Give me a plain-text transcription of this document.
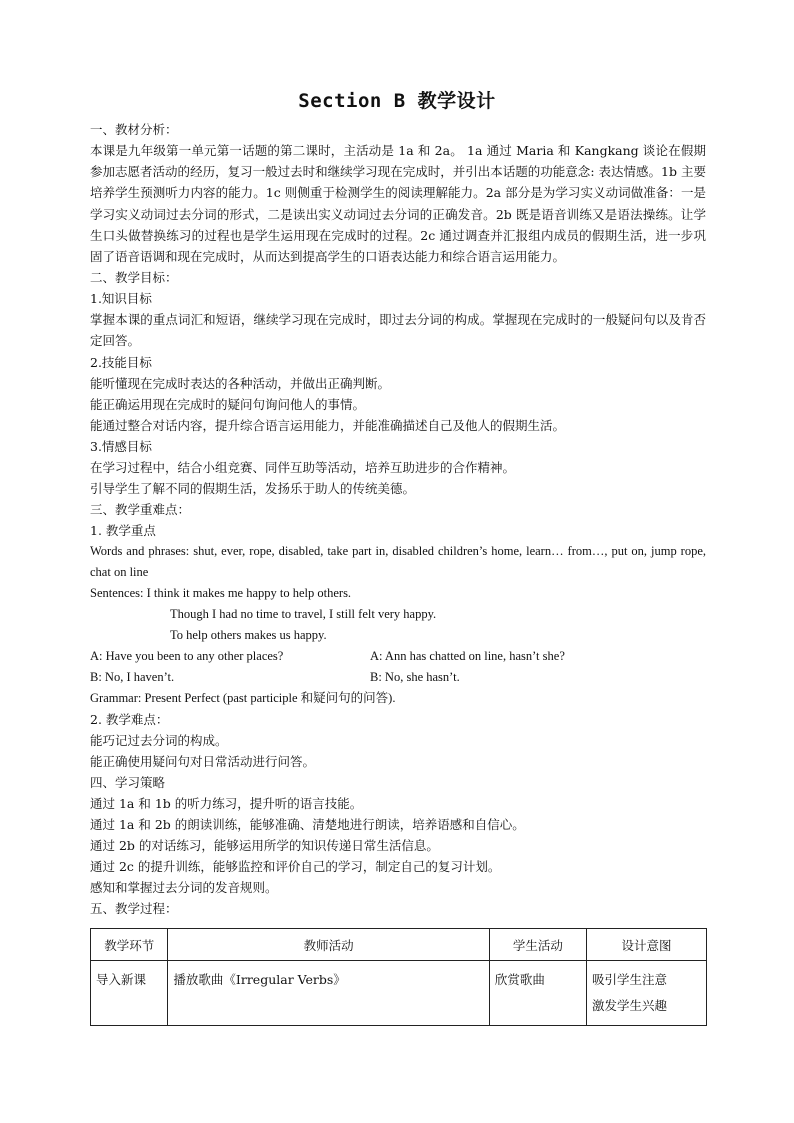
Section B 教学设计
一、教材分析：
本课是九年级第一单元第一话题的第二课时，主活动是 1a 和 2a。 1a 通过 Maria 和 Kangkang 谈论在假期参加志愿者活动的经历，复习一般过去时和继续学习现在完成时，并引出本话题的功能意念: 表达情感。1b 主要培养学生预测听力内容的能力。1c 则侧重于检测学生的阅读理解能力。2a 部分是为学习实义动词做准备：一是学习实义动词过去分词的形式，二是读出实义动词过去分词的正确发音。2b 既是语音训练又是语法操练。让学生口头做替换练习的过程也是学生运用现在完成时的过程。2c 通过调查并汇报组内成员的假期生活，进一步巩固了语音语调和现在完成时，从而达到提高学生的口语表达能力和综合语言运用能力。
二、教学目标：
1.知识目标
掌握本课的重点词汇和短语，继续学习现在完成时，即过去分词的构成。掌握现在完成时的一般疑问句以及肯否定回答。
2.技能目标
能听懂现在完成时表达的各种活动，并做出正确判断。
能正确运用现在完成时的疑问句询问他人的事情。
能通过整合对话内容，提升综合语言运用能力，并能准确描述自己及他人的假期生活。
3.情感目标
在学习过程中，结合小组竞赛、同伴互助等活动，培养互助进步的合作精神。
引导学生了解不同的假期生活，发扬乐于助人的传统美德。
三、教学重难点：
1. 教学重点
Words and phrases: shut, ever, rope, disabled, take part in, disabled children’s home, learn… from…, put on, jump rope, chat on line
Sentences: I think it makes me happy to help others.
Though I had no time to travel, I still felt very happy.
To help others makes us happy.
A: Have you been to any other places?	A: Ann has chatted on line, hasn’t she?
B: No, I haven’t.	B: No, she hasn’t.
Grammar: Present Perfect (past participle 和疑问句的问答).
2. 教学难点：
能巧记过去分词的构成。
能正确使用疑问句对日常活动进行问答。
四、学习策略
通过 1a 和 1b 的听力练习，提升听的语言技能。
通过 1a 和 2b 的朗读训练，能够准确、清楚地进行朗读，培养语感和自信心。
通过 2b 的对话练习，能够运用所学的知识传递日常生活信息。
通过 2c 的提升训练，能够监控和评价自己的学习，制定自己的复习计划。
感知和掌握过去分词的发音规则。
五、教学过程：
教学环节	教师活动	学生活动	设计意图
导入新课	播放歌曲《Irregular Verbs》	欣赏歌曲	吸引学生注意
激发学生兴趣
